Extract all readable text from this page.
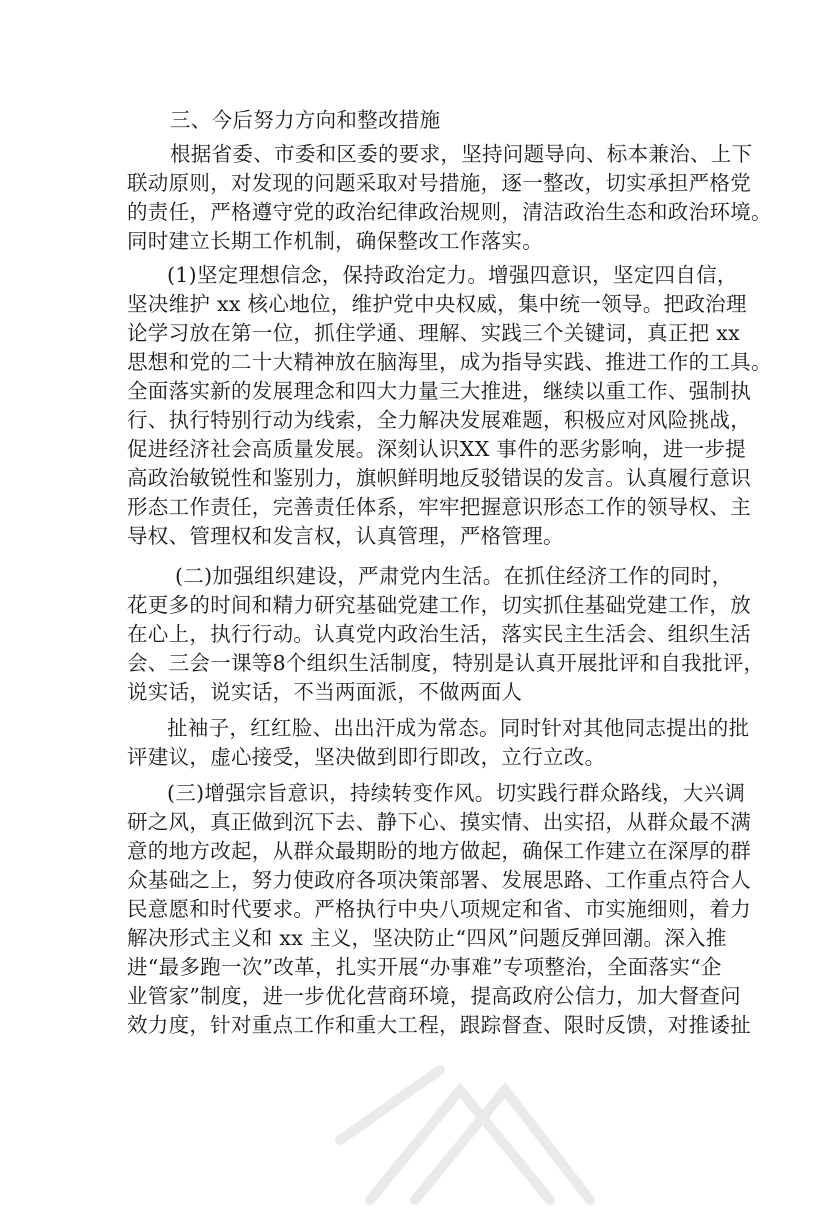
三、今后努力方向和整改措施
根据省委、市委和区委的要求，坚持问题导向、标本兼治、上下
联动原则，对发现的问题采取对号措施，逐一整改，切实承担严格党
的责任，严格遵守党的政治纪律政治规则，清洁政治生态和政治环境。
同时建立长期工作机制，确保整改工作落实。
(1)坚定理想信念，保持政治定力。增强四意识，坚定四自信，
坚决维护 xx 核心地位，维护党中央权威，集中统一领导。把政治理
论学习放在第一位，抓住学通、理解、实践三个关键词，真正把 xx
思想和党的二十大精神放在脑海里，成为指导实践、推进工作的工具。
全面落实新的发展理念和四大力量三大推进，继续以重工作、强制执
行、执行特别行动为线索，全力解决发展难题，积极应对风险挑战，
促进经济社会高质量发展。深刻认识XX 事件的恶劣影响，进一步提
高政治敏锐性和鉴别力，旗帜鲜明地反驳错误的发言。认真履行意识
形态工作责任，完善责任体系，牢牢把握意识形态工作的领导权、主
导权、管理权和发言权，认真管理，严格管理。
(二)加强组织建设，严肃党内生活。在抓住经济工作的同时，
花更多的时间和精力研究基础党建工作，切实抓住基础党建工作，放
在心上，执行行动。认真党内政治生活，落实民主生活会、组织生活
会、三会一课等8个组织生活制度，特别是认真开展批评和自我批评，
说实话，说实话，不当两面派，不做两面人
扯袖子，红红脸、出出汗成为常态。同时针对其他同志提出的批
评建议，虚心接受，坚决做到即行即改，立行立改。
(三)增强宗旨意识，持续转变作风。切实践行群众路线，大兴调
研之风，真正做到沉下去、静下心、摸实情、出实招，从群众最不满
意的地方改起，从群众最期盼的地方做起，确保工作建立在深厚的群
众基础之上，努力使政府各项决策部署、发展思路、工作重点符合人
民意愿和时代要求。严格执行中央八项规定和省、市实施细则，着力
解决形式主义和 xx 主义，坚决防止“四风”问题反弹回潮。深入推
进“最多跑一次”改革，扎实开展“办事难”专项整治，全面落实“企
业管家”制度，进一步优化营商环境，提高政府公信力，加大督查问
效力度，针对重点工作和重大工程，跟踪督查、限时反馈，对推诿扯
